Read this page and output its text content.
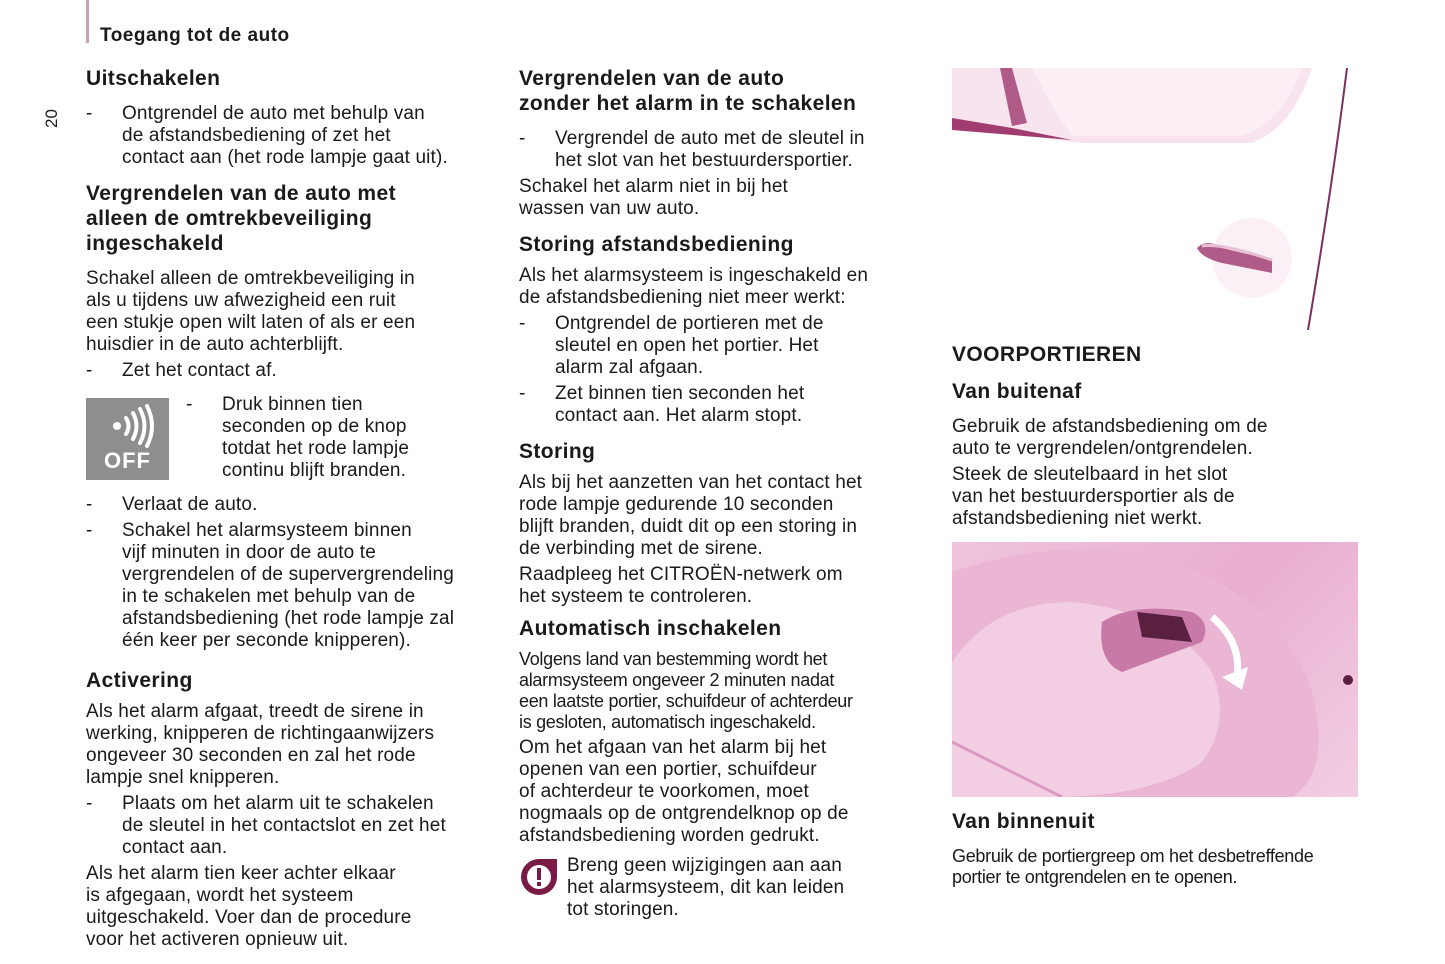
Toegang tot de auto
20
Uitschakelen
- Ontgrendel de auto met behulp van
de afstandsbediening of zet het
contact aan (het rode lampje gaat uit).
Vergrendelen van de auto met
alleen de omtrekbeveiliging
ingeschakeld
Schakel alleen de omtrekbeveiliging in
als u tijdens uw afwezigheid een ruit
een stukje open wilt laten of als er een
huisdier in de auto achterblijft.
- Zet het contact af.
OFF
- Druk binnen tien
seconden op de knop
totdat het rode lampje
continu blijft branden.
- Verlaat de auto.
- Schakel het alarmsysteem binnen
vijf minuten in door de auto te
vergrendelen of de supervergrendeling
in te schakelen met behulp van de
afstandsbediening (het rode lampje zal
één keer per seconde knipperen).
Activering
Als het alarm afgaat, treedt de sirene in
werking, knipperen de richtingaanwijzers
ongeveer 30 seconden en zal het rode
lampje snel knipperen.
- Plaats om het alarm uit te schakelen
de sleutel in het contactslot en zet het
contact aan.
Als het alarm tien keer achter elkaar
is afgegaan, wordt het systeem
uitgeschakeld. Voer dan de procedure
voor het activeren opnieuw uit.
Vergrendelen van de auto
zonder het alarm in te schakelen
- Vergrendel de auto met de sleutel in
het slot van het bestuurdersportier.
Schakel het alarm niet in bij het
wassen van uw auto.
Storing afstandsbediening
Als het alarmsysteem is ingeschakeld en
de afstandsbediening niet meer werkt:
- Ontgrendel de portieren met de
sleutel en open het portier. Het
alarm zal afgaan.
- Zet binnen tien seconden het
contact aan. Het alarm stopt.
Storing
Als bij het aanzetten van het contact het
rode lampje gedurende 10 seconden
blijft branden, duidt dit op een storing in
de verbinding met de sirene.
Raadpleeg het CITROËN-netwerk om
het systeem te controleren.
Automatisch inschakelen
Volgens land van bestemming wordt het
alarmsysteem ongeveer 2 minuten nadat
een laatste portier, schuifdeur of achterdeur
is gesloten, automatisch ingeschakeld.
Om het afgaan van het alarm bij het
openen van een portier, schuifdeur
of achterdeur te voorkomen, moet
nogmaals op de ontgrendelknop op de
afstandsbediening worden gedrukt.
Breng geen wijzigingen aan aan
het alarmsysteem, dit kan leiden
tot storingen.
VOORPORTIEREN
Van buitenaf
Gebruik de afstandsbediening om de
auto te vergrendelen/ontgrendelen.
Steek de sleutelbaard in het slot
van het bestuurdersportier als de
afstandsbediening niet werkt.
Van binnenuit
Gebruik de portiergreep om het desbetreffende
portier te ontgrendelen en te openen.
